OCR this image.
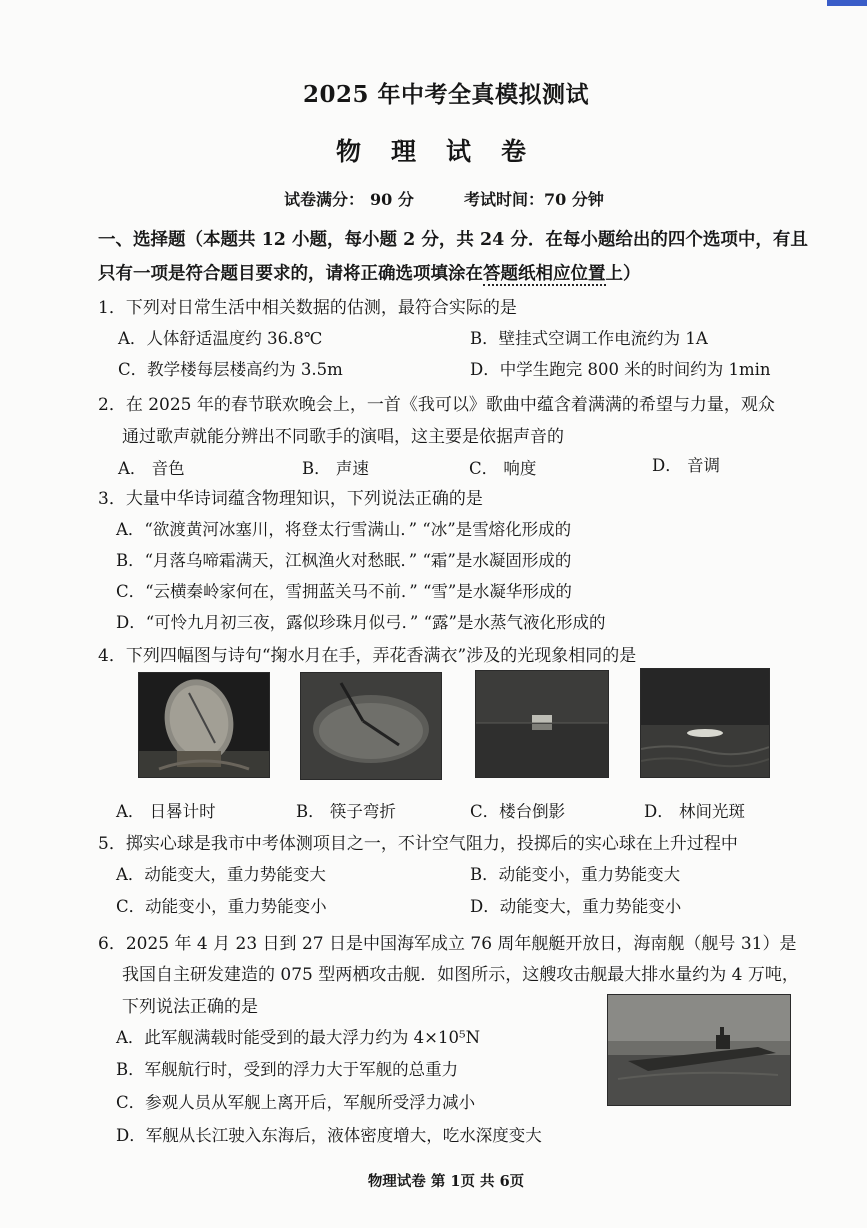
2025 年中考全真模拟测试
物理试卷
试卷满分： 90 分	考试时间：70 分钟
一、选择题（本题共 12 小题，每小题 2 分，共 24 分．在每小题给出的四个选项中，有且
只有一项是符合题目要求的，请将正确选项填涂在答题纸相应位置上）
1．下列对日常生活中相关数据的估测，最符合实际的是
A．人体舒适温度约 36.8℃	B．壁挂式空调工作电流约为 1A
C．教学楼每层楼高约为 3.5m	D．中学生跑完 800 米的时间约为 1min
2．在 2025 年的春节联欢晚会上，一首《我可以》歌曲中蕴含着满满的希望与力量，观众
通过歌声就能分辨出不同歌手的演唱，这主要是依据声音的
A． 音色	B． 声速	C． 响度	D． 音调
3．大量中华诗词蕴含物理知识，下列说法正确的是
A．“欲渡黄河冰塞川，将登太行雪满山．” “冰”是雪熔化形成的
B．“月落乌啼霜满天，江枫渔火对愁眠．” “霜”是水凝固形成的
C．“云横秦岭家何在，雪拥蓝关马不前．” “雪”是水凝华形成的
D．“可怜九月初三夜，露似珍珠月似弓．” “露”是水蒸气液化形成的
4．下列四幅图与诗句“掬水月在手，弄花香满衣”涉及的光现象相同的是
A． 日晷计时	B． 筷子弯折	C．楼台倒影	D． 林间光斑
5．掷实心球是我市中考体测项目之一，不计空气阻力，投掷后的实心球在上升过程中
A．动能变大，重力势能变大	B．动能变小，重力势能变大
C．动能变小，重力势能变小	D．动能变大，重力势能变小
6．2025 年 4 月 23 日到 27 日是中国海军成立 76 周年舰艇开放日，海南舰（舰号 31）是
我国自主研发建造的 075 型两栖攻击舰．如图所示，这艘攻击舰最大排水量约为 4 万吨，
下列说法正确的是
A．此军舰满载时能受到的最大浮力约为 4×10⁵N
B．军舰航行时，受到的浮力大于军舰的总重力
C．参观人员从军舰上离开后，军舰所受浮力减小
D．军舰从长江驶入东海后，液体密度增大，吃水深度变大
物理试卷 第 1页 共 6页
